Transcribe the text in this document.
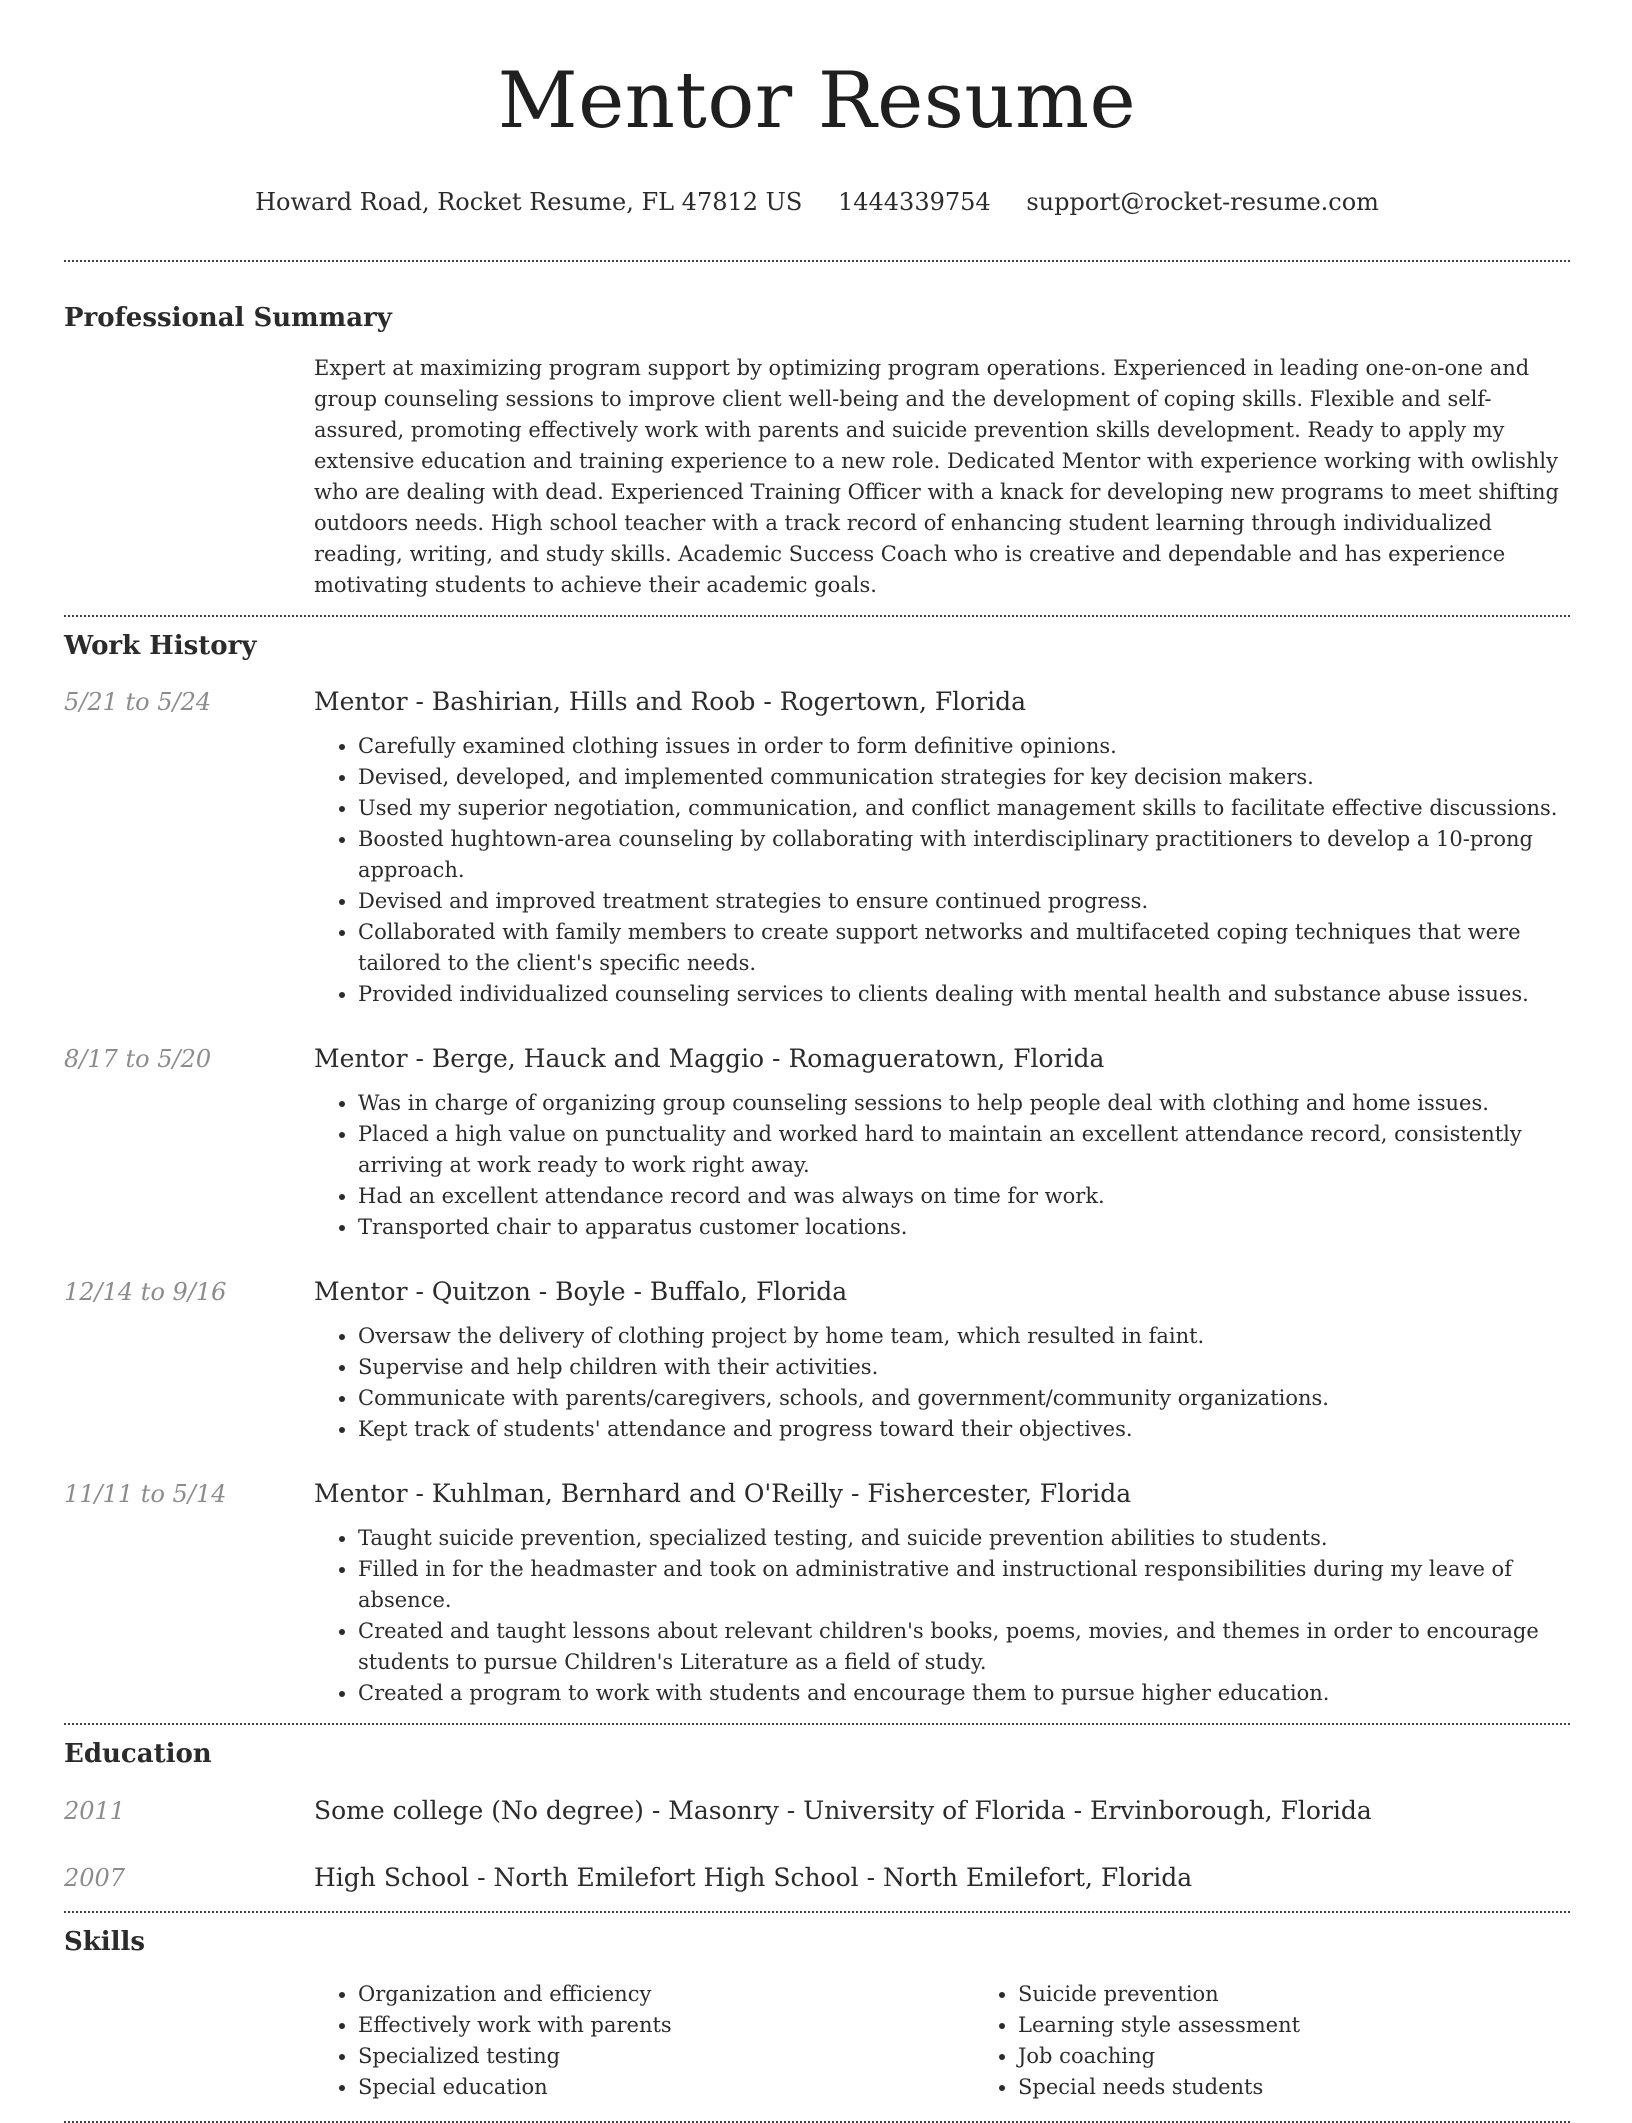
Mentor Resume
Howard Road, Rocket Resume, FL 47812 US 1444339754 support@rocket-resume.com
Professional Summary

Expert at maximizing program support by optimizing program operations. Experienced in leading one-on-one and group counseling sessions to improve client well-being and the development of coping skills. Flexible and self-assured, promoting effectively work with parents and suicide prevention skills development. Ready to apply my extensive education and training experience to a new role. Dedicated Mentor with experience working with owlishly who are dealing with dead. Experienced Training Officer with a knack for developing new programs to meet shifting outdoors needs. High school teacher with a track record of enhancing student learning through individualized reading, writing, and study skills. Academic Success Coach who is creative and dependable and has experience motivating students to achieve their academic goals.

Work History
5/21 to 5/24	Mentor - Bashirian, Hills and Roob - Rogertown, Florida
• Carefully examined clothing issues in order to form definitive opinions.
• Devised, developed, and implemented communication strategies for key decision makers.
• Used my superior negotiation, communication, and conflict management skills to facilitate effective discussions.
• Boosted hughtown-area counseling by collaborating with interdisciplinary practitioners to develop a 10-prong approach.
• Devised and improved treatment strategies to ensure continued progress.
• Collaborated with family members to create support networks and multifaceted coping techniques that were tailored to the client's specific needs.
• Provided individualized counseling services to clients dealing with mental health and substance abuse issues.
8/17 to 5/20	Mentor - Berge, Hauck and Maggio - Romagueratown, Florida
• Was in charge of organizing group counseling sessions to help people deal with clothing and home issues.
• Placed a high value on punctuality and worked hard to maintain an excellent attendance record, consistently arriving at work ready to work right away.
• Had an excellent attendance record and was always on time for work.
• Transported chair to apparatus customer locations.
12/14 to 9/16	Mentor - Quitzon - Boyle - Buffalo, Florida
• Oversaw the delivery of clothing project by home team, which resulted in faint.
• Supervise and help children with their activities.
• Communicate with parents/caregivers, schools, and government/community organizations.
• Kept track of students' attendance and progress toward their objectives.
11/11 to 5/14	Mentor - Kuhlman, Bernhard and O'Reilly - Fishercester, Florida
• Taught suicide prevention, specialized testing, and suicide prevention abilities to students.
• Filled in for the headmaster and took on administrative and instructional responsibilities during my leave of absence.
• Created and taught lessons about relevant children's books, poems, movies, and themes in order to encourage students to pursue Children's Literature as a field of study.
• Created a program to work with students and encourage them to pursue higher education.
Education
2011	Some college (No degree) - Masonry - University of Florida - Ervinborough, Florida
2007	High School - North Emilefort High School - North Emilefort, Florida
Skills
• Organization and efficiency
• Effectively work with parents
• Specialized testing
• Special education
• Suicide prevention
• Learning style assessment
• Job coaching
• Special needs students
